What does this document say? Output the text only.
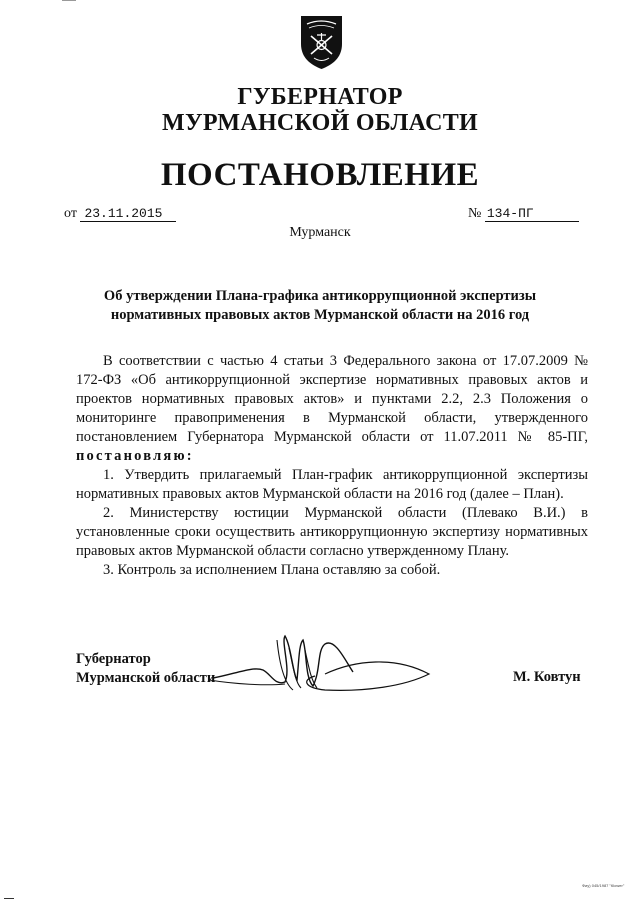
ГУБЕРНАТОР
МУРМАНСКОЙ ОБЛАСТИ
ПОСТАНОВЛЕНИЕ
от 23.11.2015	№ 134-ПГ
Мурманск
Об утверждении Плана-графика антикоррупционной экспертизы
нормативных правовых актов Мурманской области на 2016 год

В соответствии с частью 4 статьи 3 Федерального закона от 17.07.2009 № 172-ФЗ «Об антикоррупционной экспертизе нормативных правовых актов и проектов нормативных правовых актов» и пунктами 2.2, 2.3 Положения о мониторинге правоприменения в Мурманской области, утвержденного постановлением Губернатора Мурманской области от 11.07.2011 № 85-ПГ, постановляю:

1. Утвердить прилагаемый План-график антикоррупционной экспертизы нормативных правовых актов Мурманской области на 2016 год (далее – План).

2. Министерству юстиции Мурманской области (Плевако В.И.) в установленные сроки осуществить антикоррупционную экспертизу нормативных правовых актов Мурманской области согласно утвержденному Плану.

3. Контроль за исполнением Плана оставляю за собой.

Губернатор
Мурманской области	М. Ковтун
Фиу) 045/1987 "Кlower"
